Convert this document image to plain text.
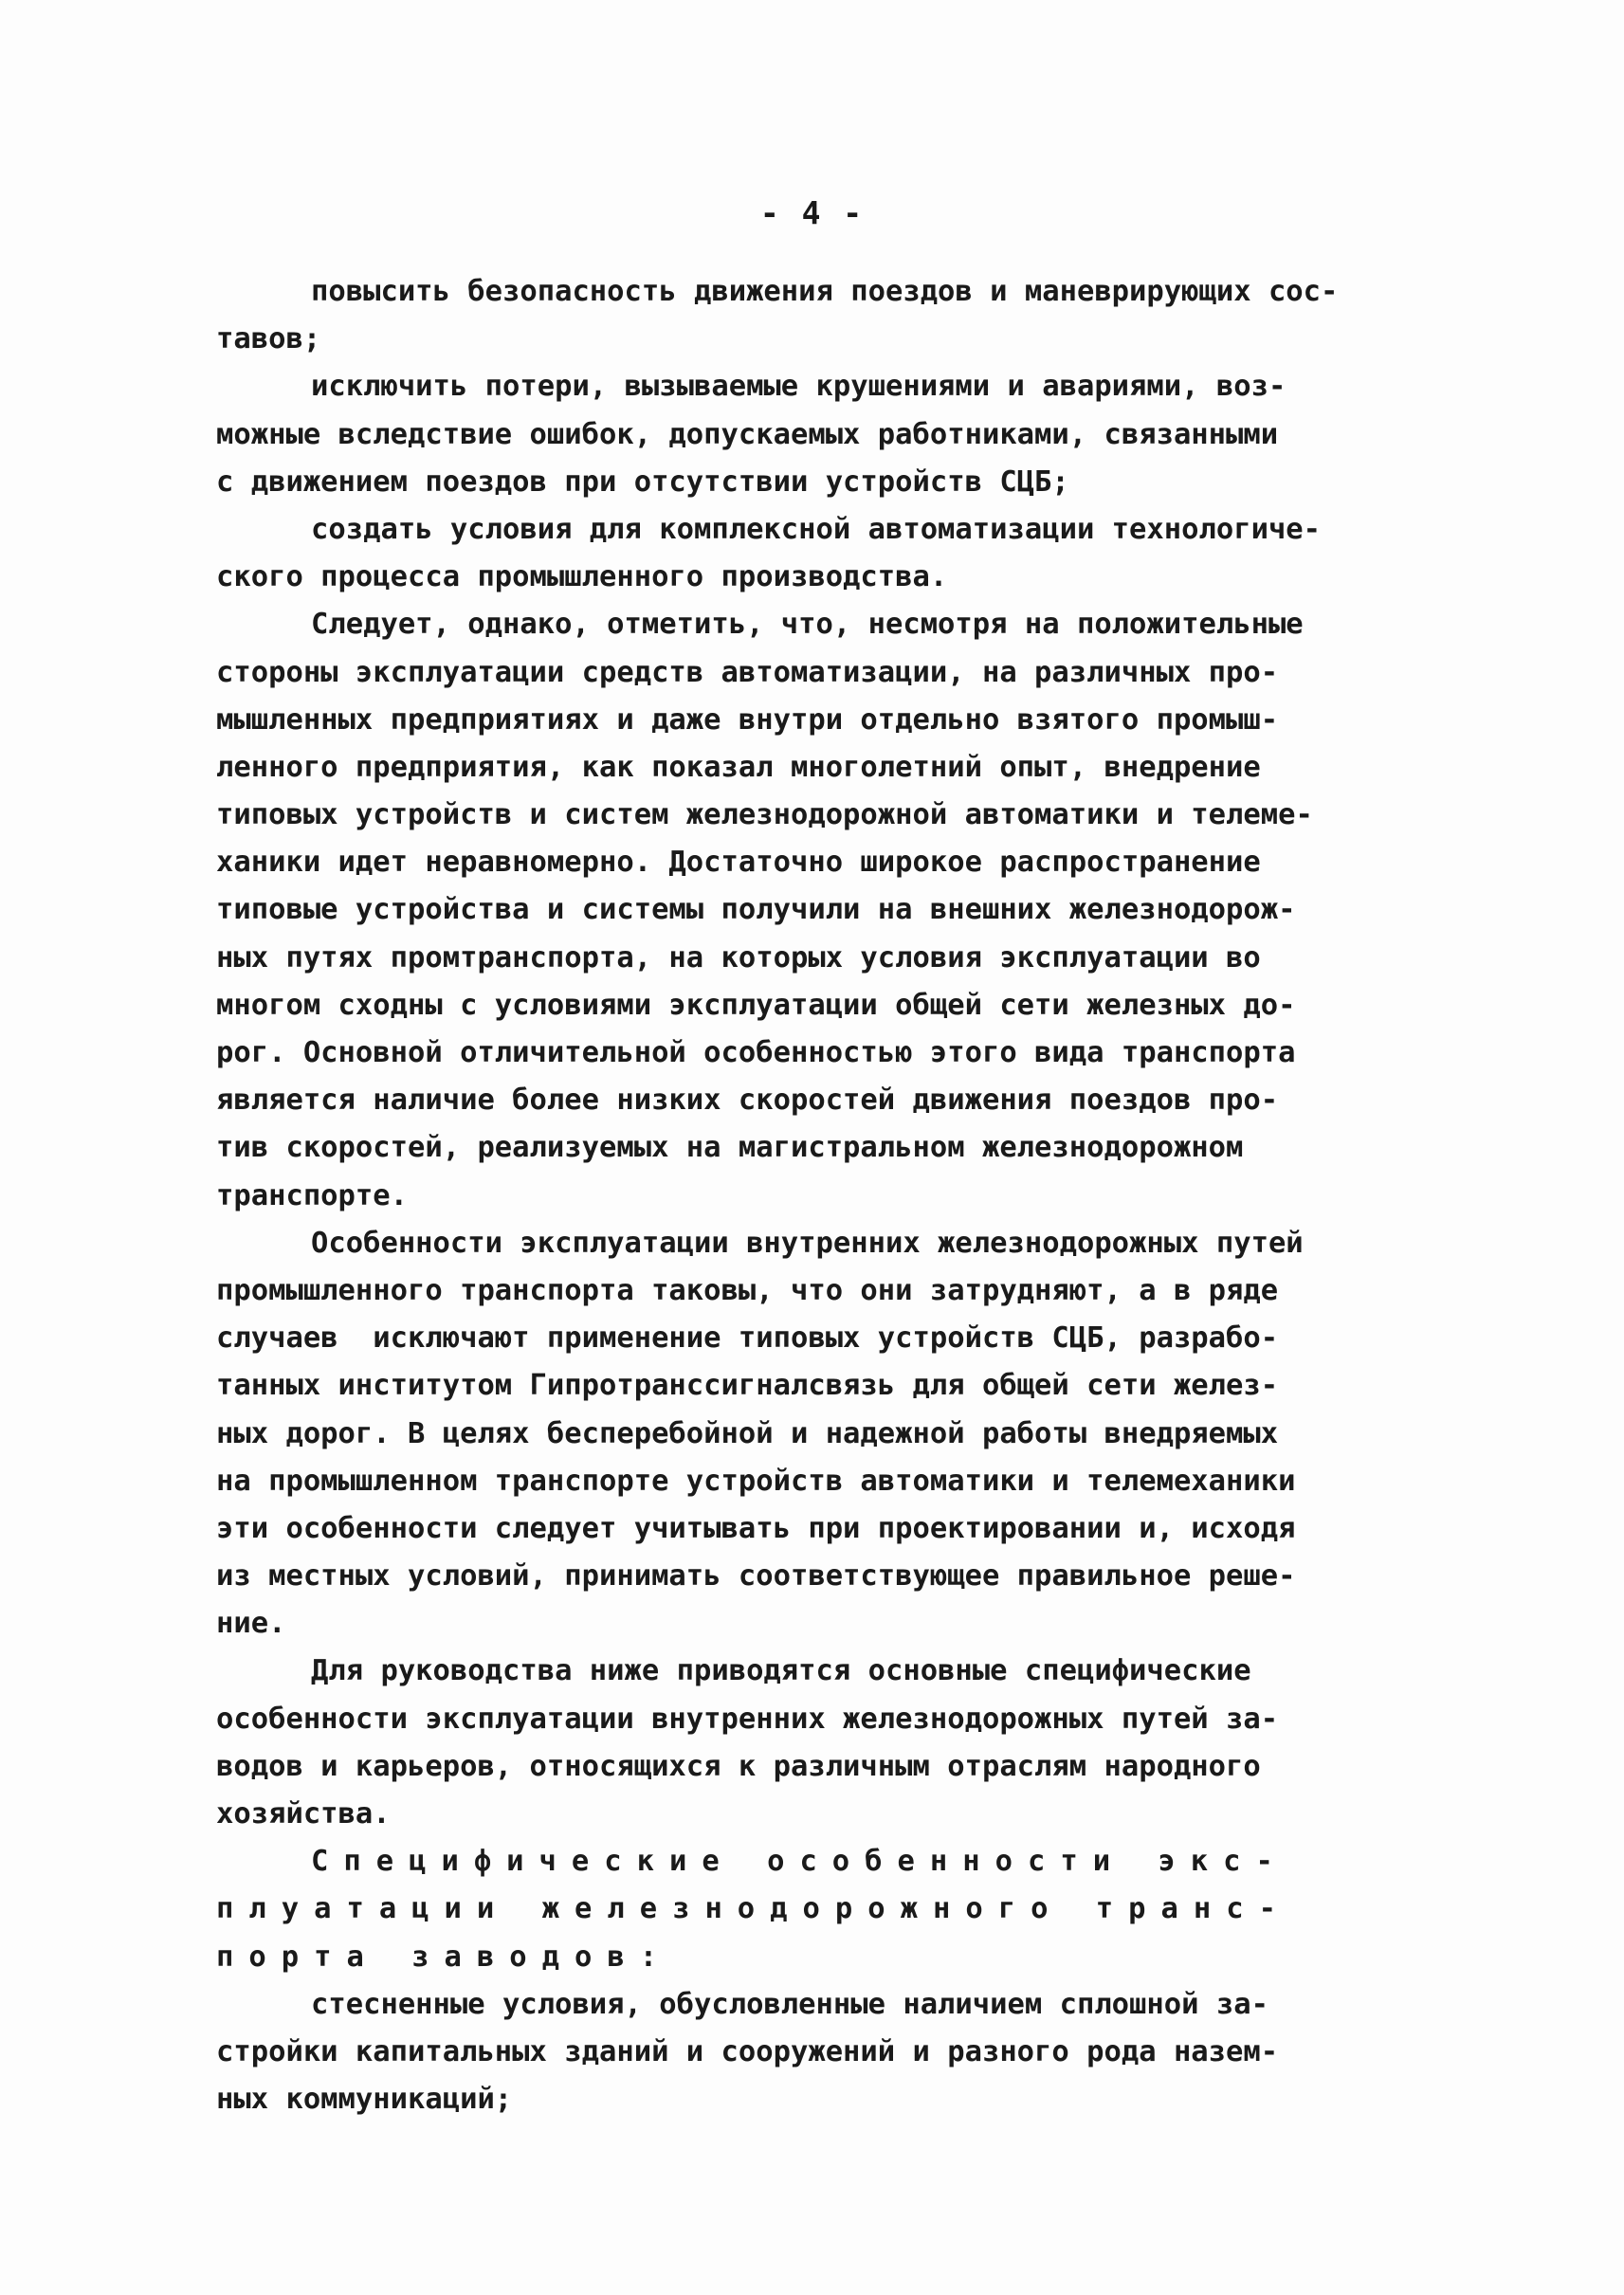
- 4 -
повысить безопасность движения поездов и маневрирующих сос-
тавов;
исключить потери, вызываемые крушениями и авариями, воз-
можные вследствие ошибок, допускаемых работниками, связанными
с движением поездов при отсутствии устройств СЦБ;
создать условия для комплексной автоматизации технологиче-
ского процесса промышленного производства.
Следует, однако, отметить, что, несмотря на положительные
стороны эксплуатации средств автоматизации, на различных про-
мышленных предприятиях и даже внутри отдельно взятого промыш-
ленного предприятия, как показал многолетний опыт, внедрение
типовых устройств и систем железнодорожной автоматики и телеме-
ханики идет неравномерно. Достаточно широкое распространение
типовые устройства и системы получили на внешних железнодорож-
ных путях промтранспорта, на которых условия эксплуатации во
многом сходны с условиями эксплуатации общей сети железных до-
рог. Основной отличительной особенностью этого вида транспорта
является наличие более низких скоростей движения поездов про-
тив скоростей, реализуемых на магистральном железнодорожном
транспорте.
Особенности эксплуатации внутренних железнодорожных путей
промышленного транспорта таковы, что они затрудняют, а в ряде
случаев  исключают применение типовых устройств СЦБ, разрабо-
танных институтом Гипротранссигналсвязь для общей сети желез-
ных дорог. В целях бесперебойной и надежной работы внедряемых
на промышленном транспорте устройств автоматики и телемеханики
эти особенности следует учитывать при проектировании и, исходя
из местных условий, принимать соответствующее правильное реше-
ние.
Для руководства ниже приводятся основные специфические
особенности эксплуатации внутренних железнодорожных путей за-
водов и карьеров, относящихся к различным отраслям народного
хозяйства.
Специфические особенности экс-
плуатации железнодорожного транс-
порта заводов:
стесненные условия, обусловленные наличием сплошной за-
стройки капитальных зданий и сооружений и разного рода назем-
ных коммуникаций;
